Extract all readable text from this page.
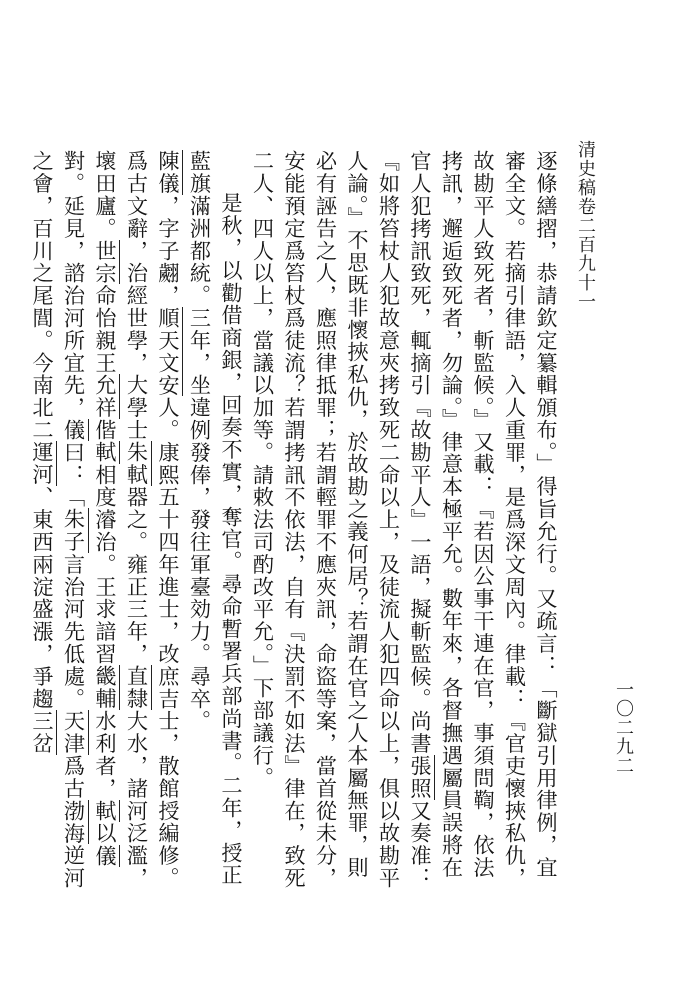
清史稿卷二百九十一
一〇二九二
逐條繕摺，恭請欽定纂輯頒布。」得旨允行。又疏言：「斷獄引用律例，宜審全文。若摘引律語，入人重罪，是爲深文周內。律載：『官吏懷挾私仇，故勘平人致死者，斬監候。』又載：『若因公事干連在官，事須問鞫，依法拷訊，邂逅致死者，勿論。』律意本極平允。數年來，各督撫遇屬員誤將在官人犯拷訊致死，輒摘引『故勘平人』一語，擬斬監候。尚書張照又奏准：『如將笞杖人犯故意夾拷致死二命以上，及徒流人犯四命以上，俱以故勘平人論。』不思既非懷挾私仇，於故勘之義何居？若謂在官之人本屬無罪，則必有誣告之人，應照律抵罪；若謂輕罪不應夾訊，命盜等案，當首從未分，安能預定爲笞杖爲徒流？若謂拷訊不依法，自有『決罰不如法』律在，致死二人、四人以上，當議以加等。請敕法司酌改平允。」下部議行。
是秋，以勸借商銀，回奏不實，奪官。尋命暫署兵部尚書。二年，授正藍旗滿洲都統。三年，坐違例發俸，發往軍臺効力。尋卒。
陳儀，字子翽，順天文安人。康熙五十四年進士，改庶吉士，散館授編修。爲古文辭，治經世學，大學士朱軾器之。雍正三年，直隸大水，諸河泛濫，壞田廬。世宗命怡親王允祥偕軾相度濬治。王求諳習畿輔水利者，軾以儀對。延見，諮治河所宜先，儀曰：「朱子言治河先低處。天津爲古渤海逆河之會，百川之尾閭。今南北二運河、東西兩淀盛漲，爭趨三岔
